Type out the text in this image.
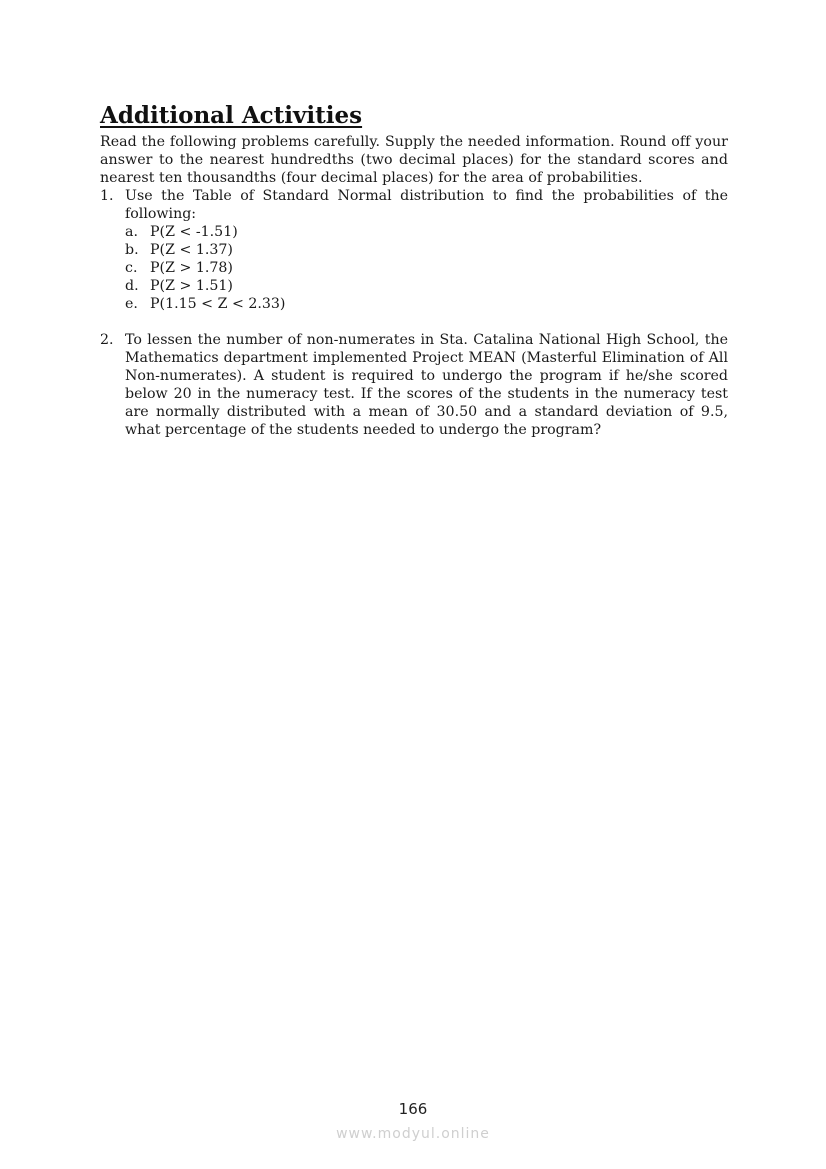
Additional Activities

Read the following problems carefully. Supply the needed information. Round off your answer to the nearest hundredths (two decimal places) for the standard scores and nearest ten thousandths (four decimal places) for the area of probabilities.

1. Use the Table of Standard Normal distribution to find the probabilities of the following:
a. P(Z < -1.51)
b. P(Z < 1.37)
c. P(Z > 1.78)
d. P(Z > 1.51)
e. P(1.15 < Z < 2.33)
2. To lessen the number of non-numerates in Sta. Catalina National High School, the Mathematics department implemented Project MEAN (Masterful Elimination of All Non-numerates). A student is required to undergo the program if he/she scored below 20 in the numeracy test. If the scores of the students in the numeracy test are normally distributed with a mean of 30.50 and a standard deviation of 9.5, what percentage of the students needed to undergo the program?
166
www.modyul.online
